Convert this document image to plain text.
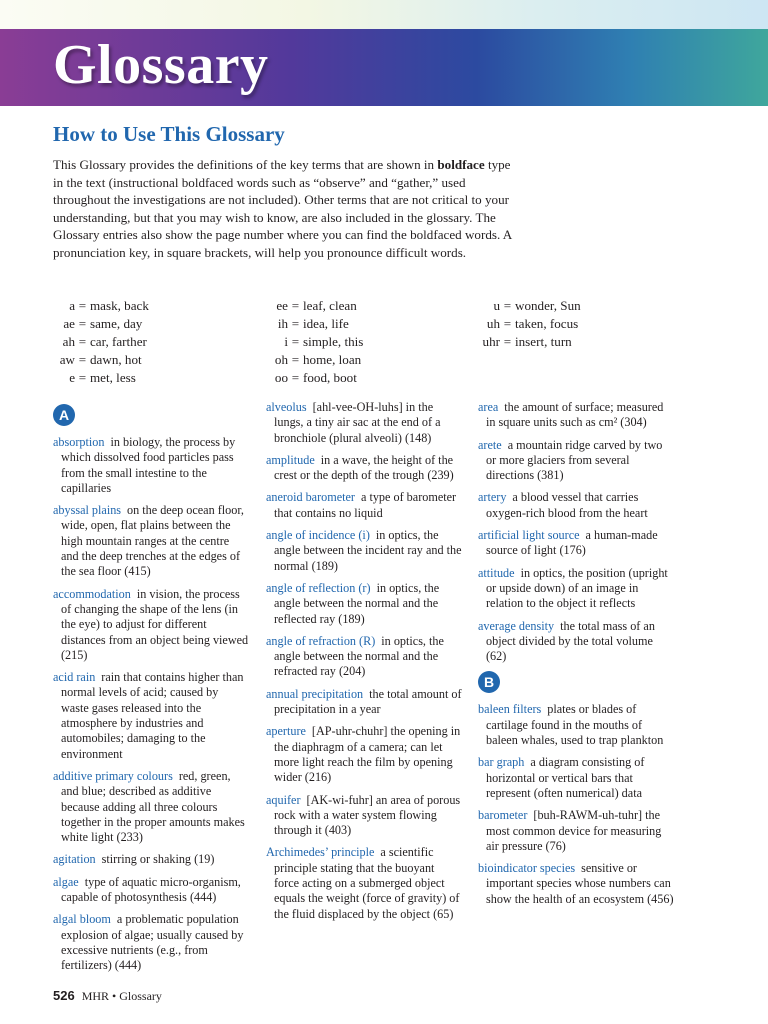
Glossary
How to Use This Glossary

This Glossary provides the definitions of the key terms that are shown in boldface type in the text (instructional boldfaced words such as “observe” and “gather,” used throughout the investigations are not included). Other terms that are not critical to your understanding, but that you may wish to know, are also included in the glossary. The Glossary entries also show the page number where you can find the boldfaced words. A pronunciation key, in square brackets, will help you pronounce difficult words.

a = mask, back
ae = same, day
ah = car, farther
aw = dawn, hot
e = met, less
ee = leaf, clean
ih = idea, life
i = simple, this
oh = home, loan
oo = food, boot
u = wonder, Sun
uh = taken, focus
uhr = insert, turn
A
absorption in biology, the process by which dissolved food particles pass from the small intestine to the capillaries
abyssal plains on the deep ocean floor, wide, open, flat plains between the high mountain ranges at the centre and the deep trenches at the edges of the sea floor (415)
accommodation in vision, the process of changing the shape of the lens (in the eye) to adjust for different distances from an object being viewed (215)
acid rain rain that contains higher than normal levels of acid; caused by waste gases released into the atmosphere by industries and automobiles; damaging to the environment
additive primary colours red, green, and blue; described as additive because adding all three colours together in the proper amounts makes white light (233)
agitation stirring or shaking (19)
algae type of aquatic micro-organism, capable of photosynthesis (444)
algal bloom a problematic population explosion of algae; usually caused by excessive nutrients (e.g., from fertilizers) (444)
alveolus [ahl-vee-OH-luhs] in the lungs, a tiny air sac at the end of a bronchiole (plural alveoli) (148)
amplitude in a wave, the height of the crest or the depth of the trough (239)
aneroid barometer a type of barometer that contains no liquid
angle of incidence (i) in optics, the angle between the incident ray and the normal (189)
angle of reflection (r) in optics, the angle between the normal and the reflected ray (189)
angle of refraction (R) in optics, the angle between the normal and the refracted ray (204)
annual precipitation the total amount of precipitation in a year
aperture [AP-uhr-chuhr] the opening in the diaphragm of a camera; can let more light reach the film by opening wider (216)
aquifer [AK-wi-fuhr] an area of porous rock with a water system flowing through it (403)
Archimedes’ principle a scientific principle stating that the buoyant force acting on a submerged object equals the weight (force of gravity) of the fluid displaced by the object (65)
area the amount of surface; measured in square units such as cm² (304)
arete a mountain ridge carved by two or more glaciers from several directions (381)
artery a blood vessel that carries oxygen-rich blood from the heart
artificial light source a human-made source of light (176)
attitude in optics, the position (upright or upside down) of an image in relation to the object it reflects
average density the total mass of an object divided by the total volume (62)
B
baleen filters plates or blades of cartilage found in the mouths of baleen whales, used to trap plankton
bar graph a diagram consisting of horizontal or vertical bars that represent (often numerical) data
barometer [buh-RAWM-uh-tuhr] the most common device for measuring air pressure (76)
bioindicator species sensitive or important species whose numbers can show the health of an ecosystem (456)
526 MHR • Glossary
